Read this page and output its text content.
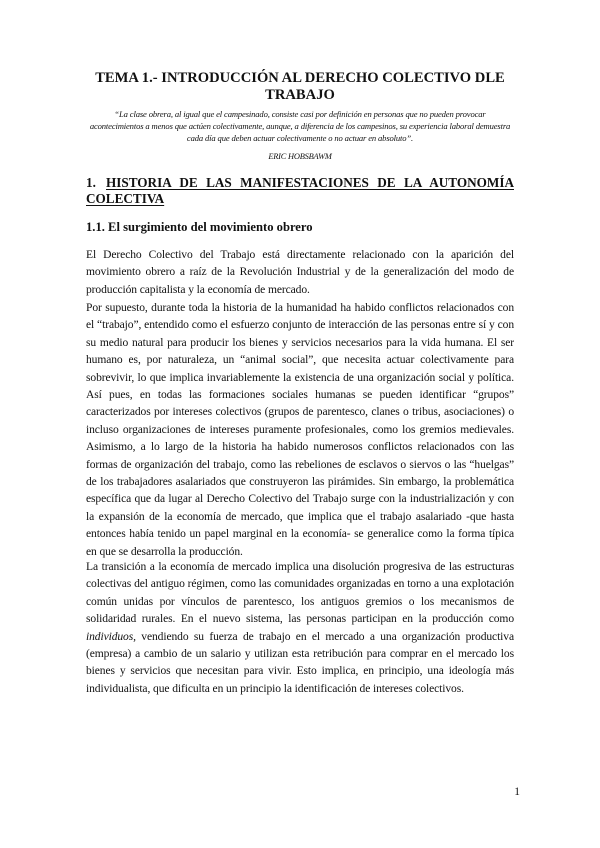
TEMA 1.- INTRODUCCIÓN AL DERECHO COLECTIVO DLE TRABAJO

“La clase obrera, al igual que el campesinado, consiste casi por definición en personas que no pueden provocar acontecimientos a menos que actúen colectivamente, aunque, a diferencia de los campesinos, su experiencia laboral demuestra cada día que deben actuar colectivamente o no actuar en absoluto”.

ERIC HOBSBAWM

1. HISTORIA DE LAS MANIFESTACIONES DE LA AUTONOMÍA COLECTIVA
1.1. El surgimiento del movimiento obrero

El Derecho Colectivo del Trabajo está directamente relacionado con la aparición del movimiento obrero a raíz de la Revolución Industrial y de la generalización del modo de producción capitalista y la economía de mercado.

Por supuesto, durante toda la historia de la humanidad ha habido conflictos relacionados con el “trabajo”, entendido como el esfuerzo conjunto de interacción de las personas entre sí y con su medio natural para producir los bienes y servicios necesarios para la vida humana. El ser humano es, por naturaleza, un “animal social”, que necesita actuar colectivamente para sobrevivir, lo que implica invariablemente la existencia de una organización social y política. Así pues, en todas las formaciones sociales humanas se pueden identificar “grupos” caracterizados por intereses colectivos (grupos de parentesco, clanes o tribus, asociaciones) o incluso organizaciones de intereses puramente profesionales, como los gremios medievales. Asimismo, a lo largo de la historia ha habido numerosos conflictos relacionados con las formas de organización del trabajo, como las rebeliones de esclavos o siervos o las “huelgas” de los trabajadores asalariados que construyeron las pirámides. Sin embargo, la problemática específica que da lugar al Derecho Colectivo del Trabajo surge con la industrialización y con la expansión de la economía de mercado, que implica que el trabajo asalariado -que hasta entonces había tenido un papel marginal en la economía- se generalice como la forma típica en que se desarrolla la producción.

La transición a la economía de mercado implica una disolución progresiva de las estructuras colectivas del antiguo régimen, como las comunidades organizadas en torno a una explotación común unidas por vínculos de parentesco, los antiguos gremios o los mecanismos de solidaridad rurales. En el nuevo sistema, las personas participan en la producción como individuos, vendiendo su fuerza de trabajo en el mercado a una organización productiva (empresa) a cambio de un salario y utilizan esta retribución para comprar en el mercado los bienes y servicios que necesitan para vivir. Esto implica, en principio, una ideología más individualista, que dificulta en un principio la identificación de intereses colectivos.

1
